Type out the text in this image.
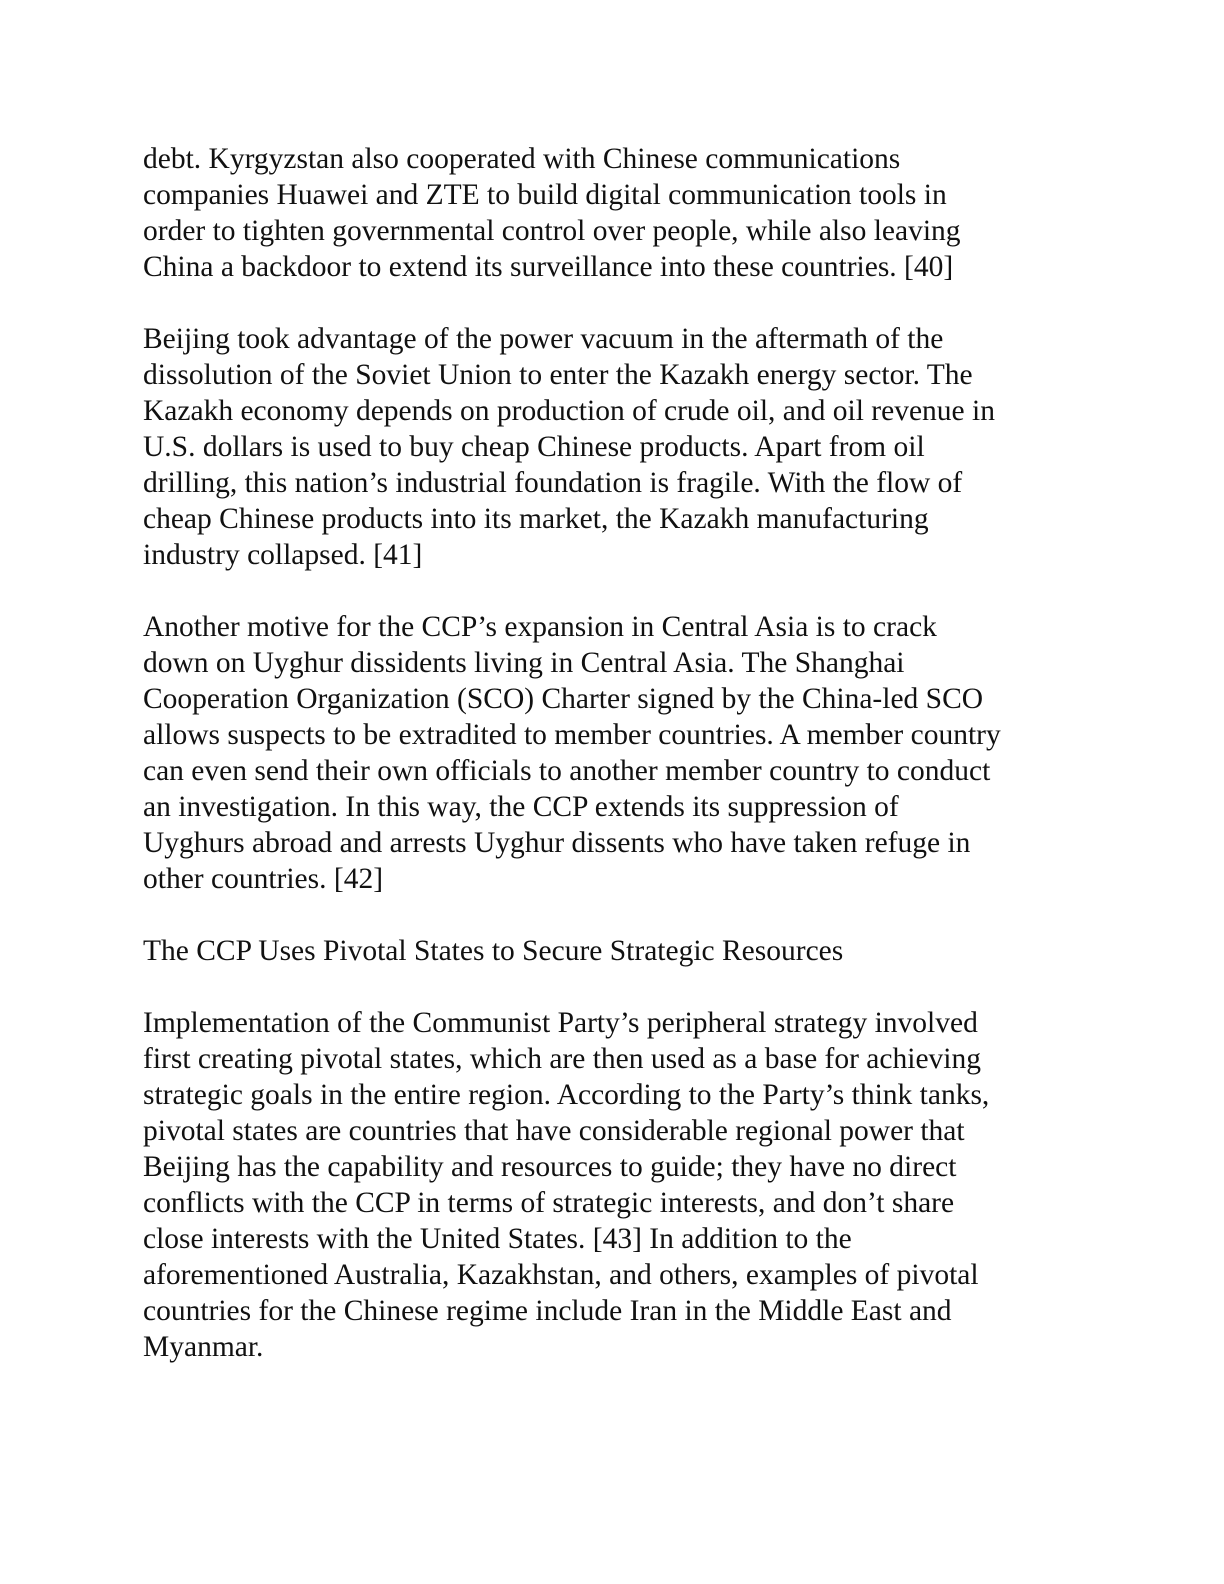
debt. Kyrgyzstan also cooperated with Chinese communications
companies Huawei and ZTE to build digital communication tools in
order to tighten governmental control over people, while also leaving
China a backdoor to extend its surveillance into these countries. [40]
Beijing took advantage of the power vacuum in the aftermath of the
dissolution of the Soviet Union to enter the Kazakh energy sector. The
Kazakh economy depends on production of crude oil, and oil revenue in
U.S. dollars is used to buy cheap Chinese products. Apart from oil
drilling, this nation’s industrial foundation is fragile. With the flow of
cheap Chinese products into its market, the Kazakh manufacturing
industry collapsed. [41]
Another motive for the CCP’s expansion in Central Asia is to crack
down on Uyghur dissidents living in Central Asia. The Shanghai
Cooperation Organization (SCO) Charter signed by the China-led SCO
allows suspects to be extradited to member countries. A member country
can even send their own officials to another member country to conduct
an investigation. In this way, the CCP extends its suppression of
Uyghurs abroad and arrests Uyghur dissents who have taken refuge in
other countries. [42]
The CCP Uses Pivotal States to Secure Strategic Resources
Implementation of the Communist Party’s peripheral strategy involved
first creating pivotal states, which are then used as a base for achieving
strategic goals in the entire region. According to the Party’s think tanks,
pivotal states are countries that have considerable regional power that
Beijing has the capability and resources to guide; they have no direct
conflicts with the CCP in terms of strategic interests, and don’t share
close interests with the United States. [43] In addition to the
aforementioned Australia, Kazakhstan, and others, examples of pivotal
countries for the Chinese regime include Iran in the Middle East and
Myanmar.
